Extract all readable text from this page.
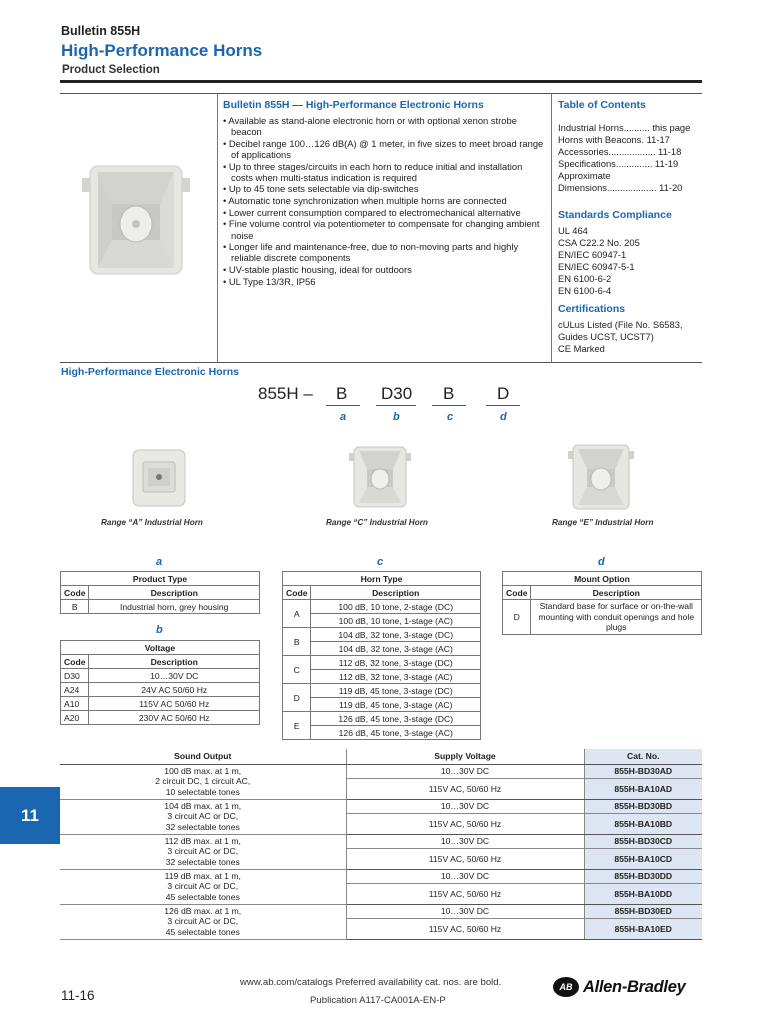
Bulletin 855H
High-Performance Horns
Product Selection
Bulletin 855H — High-Performance Electronic Horns
• Available as stand-alone electronic horn or with optional xenon strobe beacon
• Decibel range 100…126 dB(A) @ 1 meter, in five sizes to meet broad range of applications
• Up to three stages/circuits in each horn to reduce initial and installation costs when multi-status indication is required
• Up to 45 tone sets selectable via dip-switches
• Automatic tone synchronization when multiple horns are connected
• Lower current consumption compared to electromechanical alternative
• Fine volume control via potentiometer to compensate for changing ambient noise
• Longer life and maintenance-free, due to non-moving parts and highly reliable discrete components
• UV-stable plastic housing, ideal for outdoors
• UL Type 13/3R, IP56
Table of Contents
Industrial Horns.......... this page
Horns with Beacons. 11-17
Accessories.................. 11-18
Specifications.............. 11-19
Approximate
Dimensions................... 11-20
Standards Compliance
UL 464
CSA C22.2 No. 205
EN/IEC 60947-1
EN/IEC 60947-5-1
EN 6100-6-2
EN 6100-6-4
Certifications
cULus Listed (File No. S6583,
Guides UCST, UCST7)
CE Marked
High-Performance Electronic Horns
855H – B D30 B	D
a	b	c	d
Range “A” Industrial Horn	Range “C” Industrial Horn	Range “E” Industrial Horn
a
Product Type	
Code	Description
B	Industrial horn, grey housing
b
Voltage	
Code	Description
D30	10…30V DC
A24	24V AC 50/60 Hz
A10	115V AC 50/60 Hz
A20	230V AC 50/60 Hz
c
Horn Type	
Code	Description
A	100 dB, 10 tone, 2-stage (DC)
	100 dB, 10 tone, 1-stage (AC)
B	104 dB, 32 tone, 3-stage (DC)
	104 dB, 32 tone, 3-stage (AC)
C	112 dB, 32 tone, 3-stage (DC)
	112 dB, 32 tone, 3-stage (AC)
D	119 dB, 45 tone, 3-stage (DC)
	119 dB, 45 tone, 3-stage (AC)
E	126 dB, 45 tone, 3-stage (DC)
	126 dB, 45 tone, 3-stage (AC)
d
Mount Option	
Code	Description
D	Standard base for surface or on-the-wall mounting with conduit openings and hole plugs
Sound Output	Supply Voltage	Cat. No.

100 dB max. at 1 m,
2 circuit DC, 1 circuit AC,
10 selectable tones	10…30V DC	855H-BD30AD
	115V AC, 50/60 Hz	855H-BA10AD

104 dB max. at 1 m,
3 circuit AC or DC,
32 selectable tones	10…30V DC	855H-BD30BD
	115V AC, 50/60 Hz	855H-BA10BD

112 dB max. at 1 m,
3 circuit AC or DC,
32 selectable tones	10…30V DC	855H-BD30CD
	115V AC, 50/60 Hz	855H-BA10CD

119 dB max. at 1 m,
3 circuit AC or DC,
45 selectable tones	10…30V DC	855H-BD30DD
	115V AC, 50/60 Hz	855H-BA10DD

126 dB max. at 1 m,
3 circuit AC or DC,
45 selectable tones	10…30V DC	855H-BD30ED
	115V AC, 50/60 Hz	855H-BA10ED
11
www.ab.com/catalogs Preferred availability cat. nos. are bold.
Publication A117-CA001A-EN-P
11-16
AB Allen-Bradley
